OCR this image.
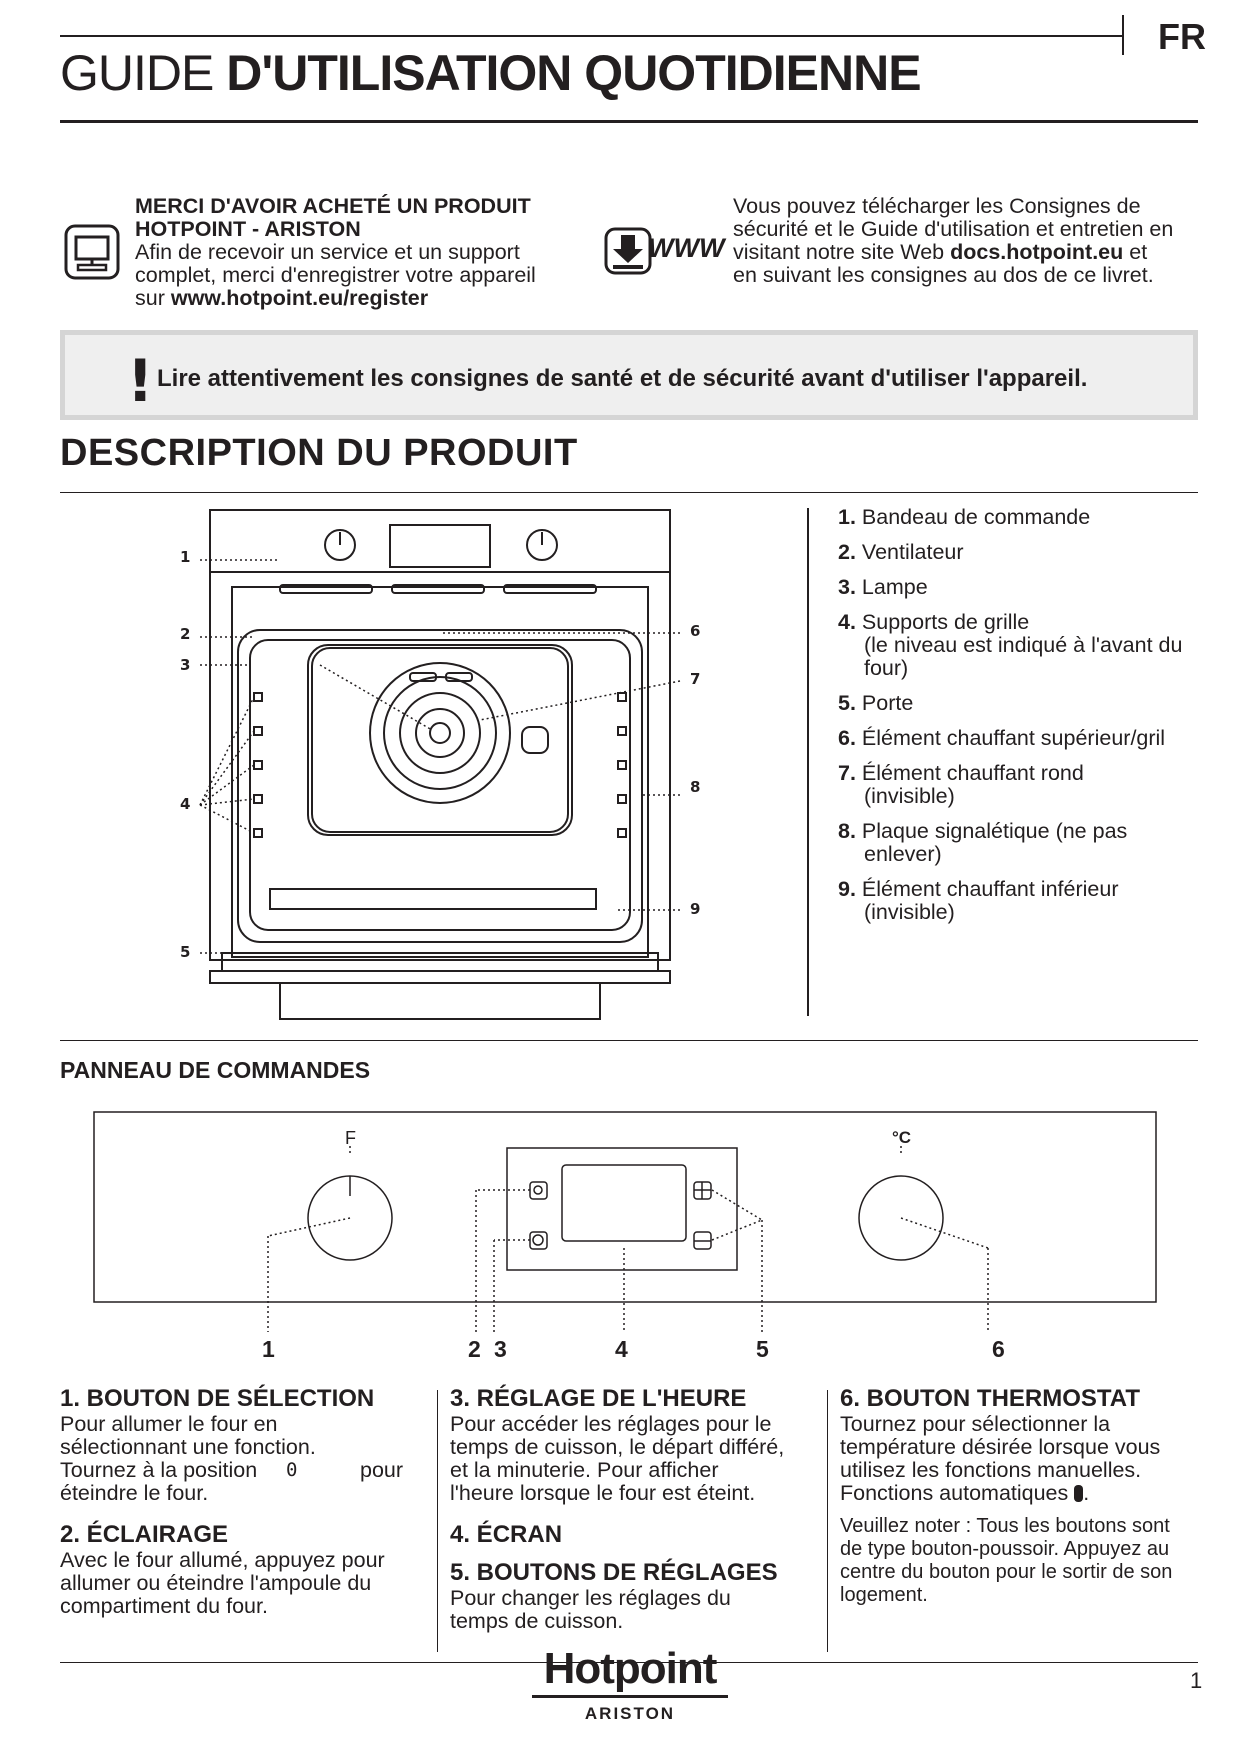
FR
GUIDE D'UTILISATION QUOTIDIENNE
MERCI D'AVOIR ACHETÉ UN PRODUIT
HOTPOINT - ARISTON
Afin de recevoir un service et un support
complet, merci d'enregistrer votre appareil
sur www.hotpoint.eu/register
WWW
Vous pouvez télécharger les Consignes de
sécurité et le Guide d'utilisation et entretien en
visitant notre site Web docs.hotpoint.eu et
en suivant les consignes au dos de ce livret.
! Lire attentivement les consignes de santé et de sécurité avant d'utiliser l'appareil.
DESCRIPTION DU PRODUIT
1
2
3
4
5
6
7
8
9
1. Bandeau de commande
2. Ventilateur
3. Lampe
4. Supports de grille
(le niveau est indiqué à l'avant du four)
5. Porte
6. Élément chauffant supérieur/gril
7. Élément chauffant rond
(invisible)
8. Plaque signalétique (ne pas
enlever)
9. Élément chauffant inférieur
(invisible)
PANNEAU DE COMMANDES
F	°C
1	2 3	4	5	6
1. BOUTON DE SÉLECTION
Pour allumer le four en
sélectionnant une fonction.
Tournez à la position 0	pour
éteindre le four.
2. ÉCLAIRAGE
Avec le four allumé, appuyez pour
allumer ou éteindre l'ampoule du
compartiment du four.
3. RÉGLAGE DE L'HEURE
Pour accéder les réglages pour le
temps de cuisson, le départ différé,
et la minuterie. Pour afficher
l'heure lorsque le four est éteint.
4. ÉCRAN
5. BOUTONS DE RÉGLAGES
Pour changer les réglages du
temps de cuisson.
6. BOUTON THERMOSTAT
Tournez pour sélectionner la
température désirée lorsque vous
utilisez les fonctions manuelles.
Fonctions automatiques .
Veuillez noter : Tous les boutons sont
de type bouton-poussoir. Appuyez au
centre du bouton pour le sortir de son
logement.
Hotpoint
ARISTON
1
